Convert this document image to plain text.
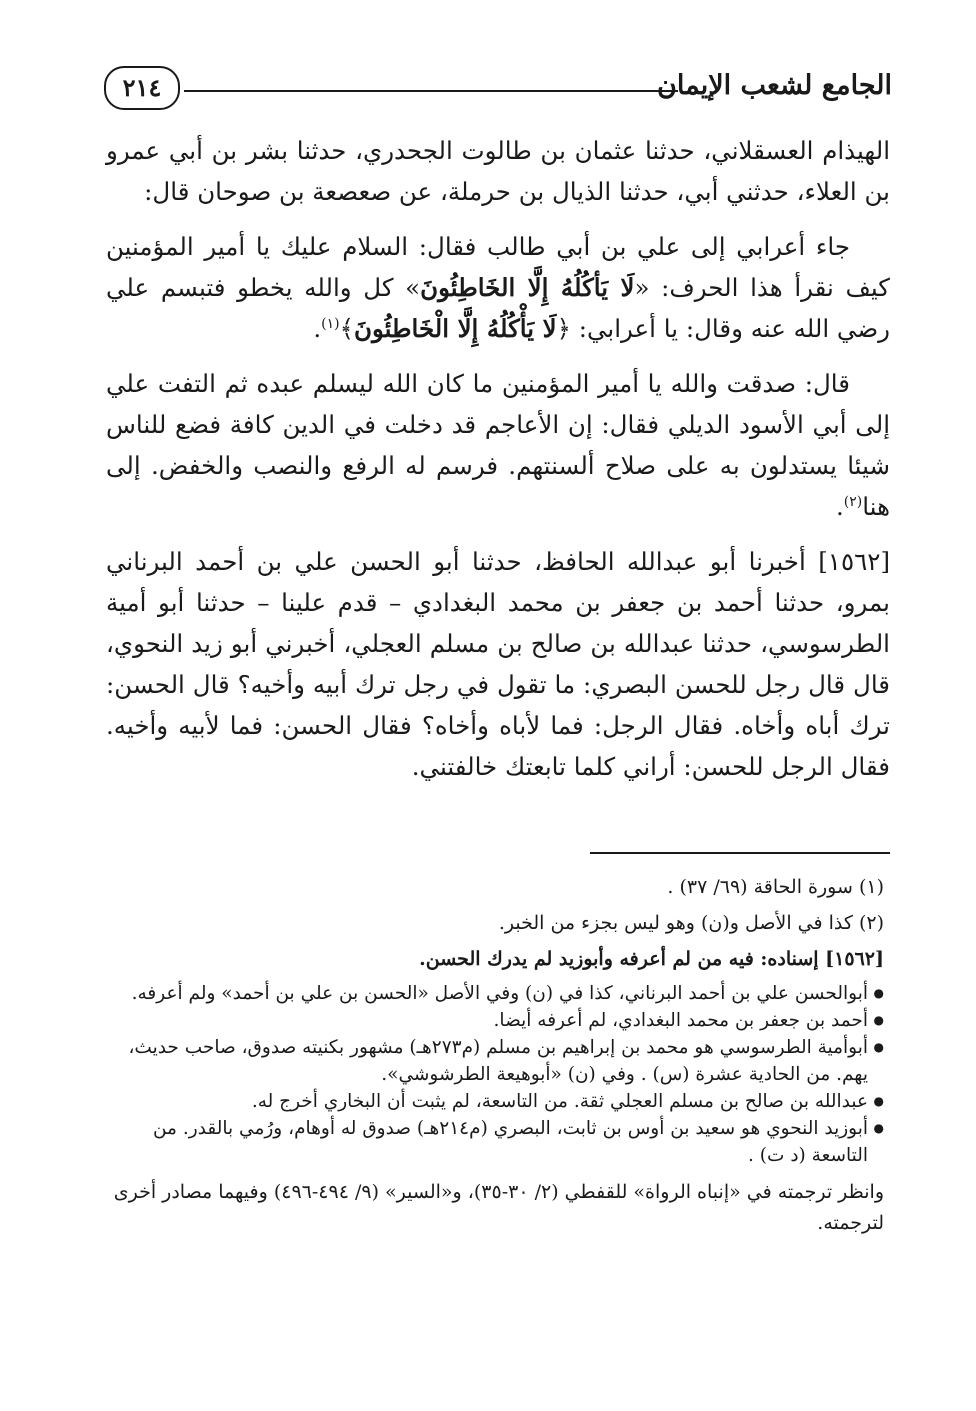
الجامع لشعب الإيمان
٢١٤

الهيذام العسقلاني، حدثنا عثمان بن طالوت الجحدري، حدثنا بشر بن أبي عمرو بن العلاء، حدثني أبي، حدثنا الذيال بن حرملة، عن صعصعة بن صوحان قال:

جاء أعرابي إلى علي بن أبي طالب فقال: السلام عليك يا أمير المؤمنين كيف نقرأ هذا الحرف: «لَا يَأكُلُهُ إِلَّا الخَاطِئُونَ» كل والله يخطو فتبسم علي رضي الله عنه وقال: يا أعرابي: ﴿لَا يَأْكُلُهُ إِلَّا الْخَاطِئُونَ﴾$^{(١)}$.

قال: صدقت والله يا أمير المؤمنين ما كان الله ليسلم عبده ثم التفت علي إلى أبي الأسود الديلي فقال: إن الأعاجم قد دخلت في الدين كافة فضع للناس شيئا يستدلون به على صلاح ألسنتهم. فرسم له الرفع والنصب والخفض. إلى هنا$^{(٢)}$.

[١٥٦٢] أخبرنا أبو عبدالله الحافظ، حدثنا أبو الحسن علي بن أحمد البرناني بمرو، حدثنا أحمد بن جعفر بن محمد البغدادي – قدم علينا – حدثنا أبو أمية الطرسوسي، حدثنا عبدالله بن صالح بن مسلم العجلي، أخبرني أبو زيد النحوي، قال قال رجل للحسن البصري: ما تقول في رجل ترك أبيه وأخيه؟ قال الحسن: ترك أباه وأخاه. فقال الرجل: فما لأباه وأخاه؟ فقال الحسن: فما لأبيه وأخيه. فقال الرجل للحسن: أراني كلما تابعتك خالفتني.

(١) سورة الحاقة (٦٩/ ٣٧) .

(٢) كذا في الأصل و(ن) وهو ليس بجزء من الخبر.

[١٥٦٢] إسناده: فيه من لم أعرفه وأبوزيد لم يدرك الحسن.

●
أبوالحسن علي بن أحمد البرناني، كذا في (ن) وفي الأصل «الحسن بن علي بن أحمد» ولم أعرفه.
●
أحمد بن جعفر بن محمد البغدادي، لم أعرفه أيضا.
●
أبوأمية الطرسوسي هو محمد بن إبراهيم بن مسلم (م٢٧٣هـ) مشهور بكنيته صدوق، صاحب حديث، يهم. من الحادية عشرة (س) . وفي (ن) «أبوهيعة الطرشوشي».
●
عبدالله بن صالح بن مسلم العجلي ثقة. من التاسعة، لم يثبت أن البخاري أخرج له.
●
أبوزيد النحوي هو سعيد بن أوس بن ثابت، البصري (م٢١٤هـ) صدوق له أوهام، ورُمي بالقدر. من التاسعة (د ت) .

وانظر ترجمته في «إنباه الرواة» للقفطي (٢/ ٣٠-٣٥)، و«السير» (٩/ ٤٩٤-٤٩٦) وفيهما مصادر أخرى لترجمته.
